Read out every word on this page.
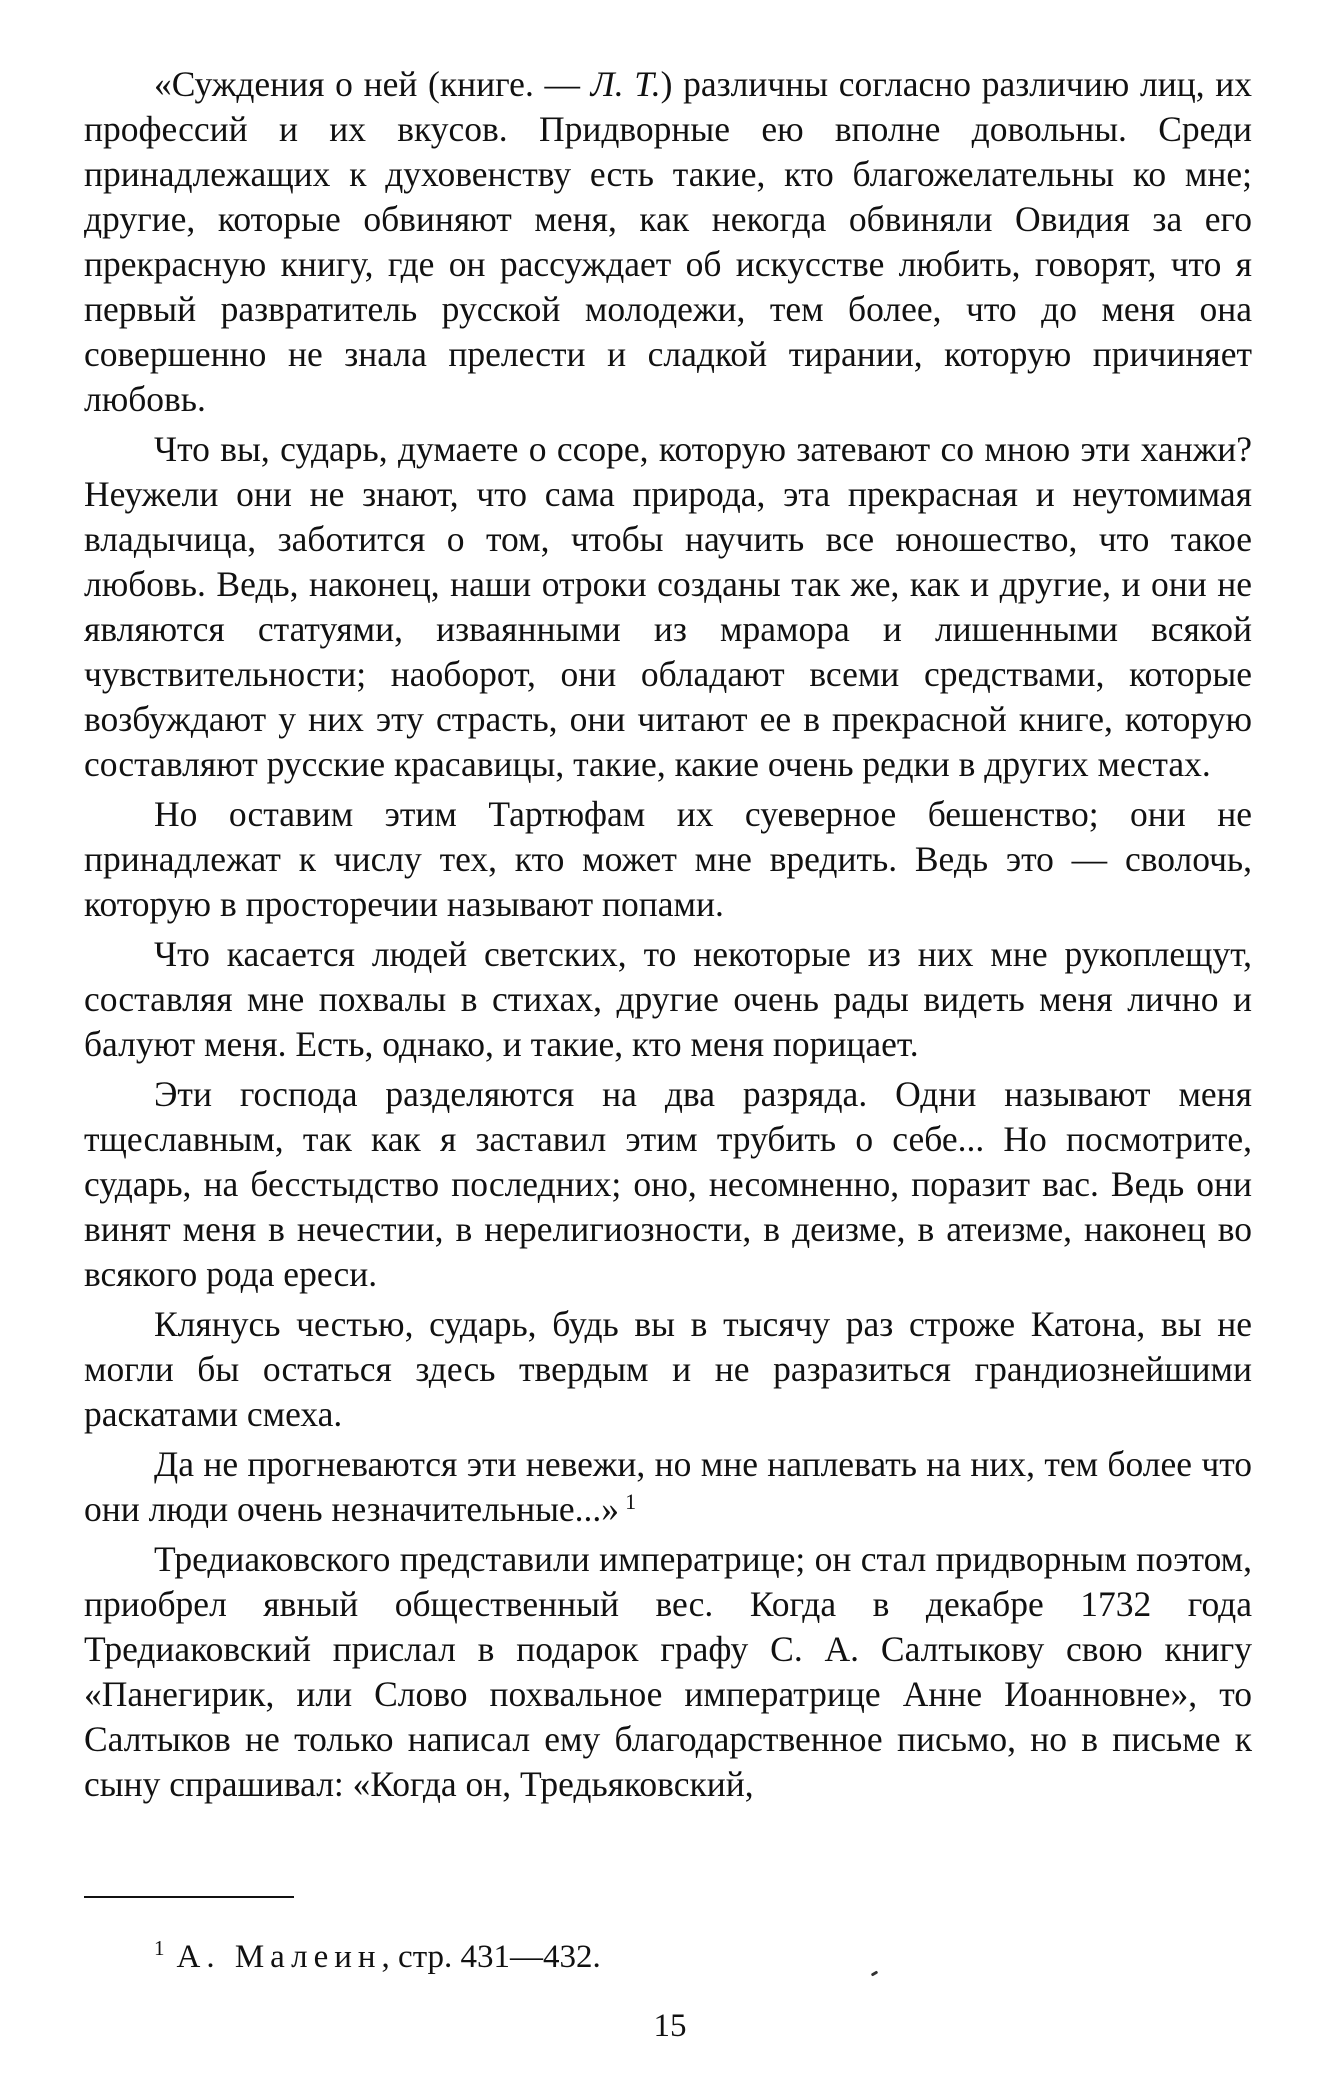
«Суждения о ней (книге. — Л. Т.) различны согласно различию лиц, их профессий и их вкусов. Придворные ею вполне довольны. Среди принадлежащих к духовенству есть такие, кто благожелательны ко мне; другие, которые обвиняют меня, как некогда обвиняли Овидия за его прекрасную книгу, где он рассуждает об искусстве любить, говорят, что я первый развратитель русской молодежи, тем более, что до меня она совершенно не знала прелести и сладкой тирании, которую причиняет любовь.

Что вы, сударь, думаете о ссоре, которую затевают со мною эти ханжи? Неужели они не знают, что сама природа, эта прекрасная и неутомимая владычица, заботится о том, чтобы научить все юношество, что такое любовь. Ведь, наконец, наши отроки созданы так же, как и другие, и они не являются статуями, изваянными из мрамора и лишенными всякой чувствительности; наоборот, они обладают всеми средствами, которые возбуждают у них эту страсть, они читают ее в прекрасной книге, которую составляют русские красавицы, такие, какие очень редки в других местах.

Но оставим этим Тартюфам их суеверное бешенство; они не принадлежат к числу тех, кто может мне вредить. Ведь это — сволочь, которую в просторечии называют попами.

Что касается людей светских, то некоторые из них мне рукоплещут, составляя мне похвалы в стихах, другие очень рады видеть меня лично и балуют меня. Есть, однако, и такие, кто меня порицает.

Эти господа разделяются на два разряда. Одни называют меня тщеславным, так как я заставил этим трубить о себе... Но посмотрите, сударь, на бесстыдство последних; оно, несомненно, поразит вас. Ведь они винят меня в нечестии, в нерелигиозности, в деизме, в атеизме, наконец во всякого рода ереси.

Клянусь честью, сударь, будь вы в тысячу раз строже Катона, вы не могли бы остаться здесь твердым и не разразиться грандиознейшими раскатами смеха.

Да не прогневаются эти невежи, но мне наплевать на них, тем более что они люди очень незначительные...» $^1$

Тредиаковского представили императрице; он стал придворным поэтом, приобрел явный общественный вес. Когда в декабре 1732 года Тредиаковский прислал в подарок графу С. А. Салтыкову свою книгу «Панегирик, или Слово похвальное императрице Анне Иоанновне», то Салтыков не только написал ему благодарственное письмо, но в письме к сыну спрашивал: «Когда он, Тредьяковский,

$^1$ А. Малеин, стр. 431—432.
15
